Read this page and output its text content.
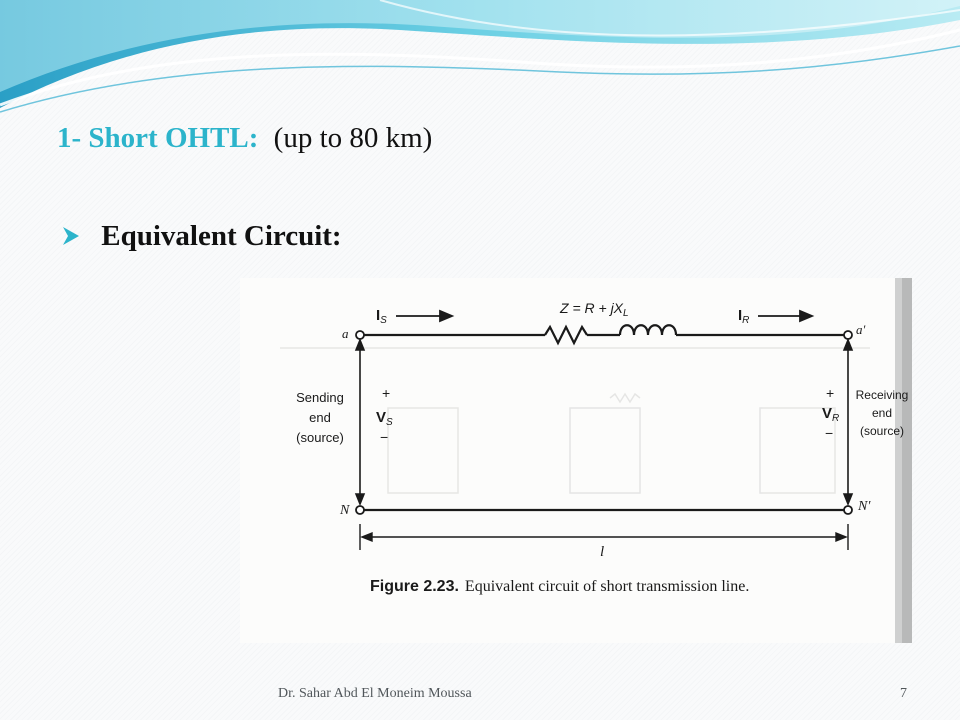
1- Short OHTL: (up to 80 km)
Equivalent Circuit:
$I_S$
$Z = R + jX_L$	$I_R$
a	a′
N	N′
Sending
end
(source)
Receiving
end
(source)
+
$V_S$
−
+
$V_R$
−
l
Figure 2.23. Equivalent circuit of short transmission line.
Dr. Sahar Abd El Moneim Moussa	7
